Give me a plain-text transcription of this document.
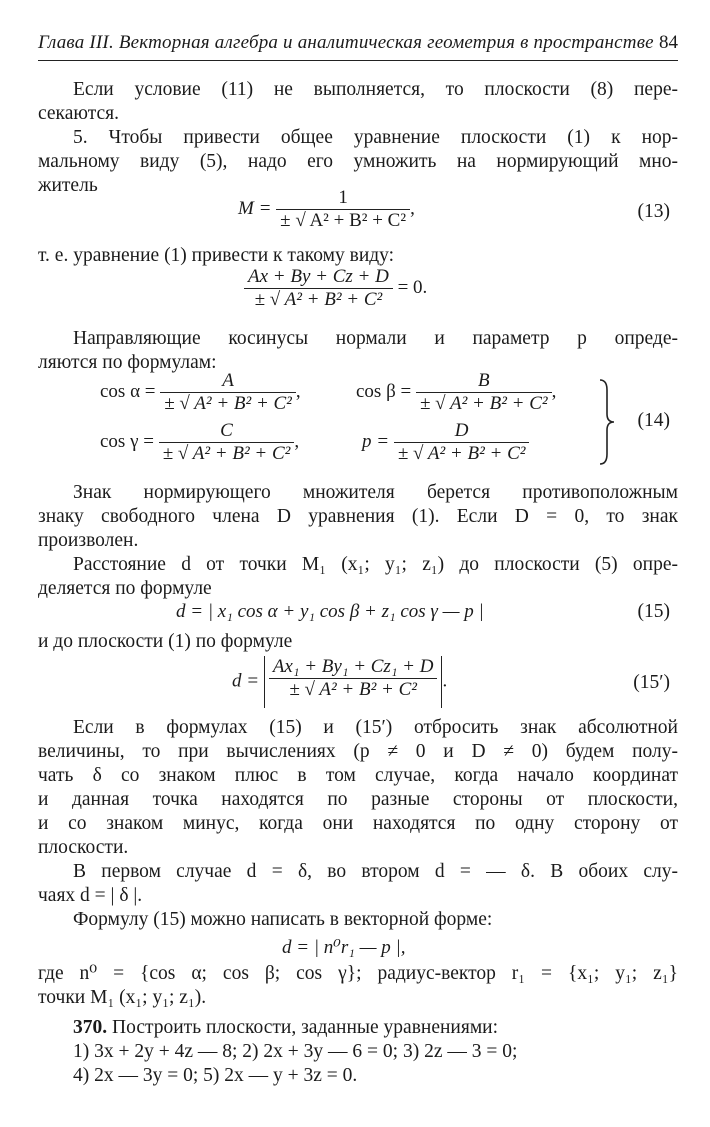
Глава III. Векторная алгебра и аналитическая геометрия в пространстве 84
Если условие (11) не выполняется, то плоскости (8) пере-
секаются.
5. Чтобы привести общее уравнение плоскости (1) к нор-
мальному виду (5), надо его умножить на нормирующий мно-
житель
$M = \frac{1}{\text{± √ A² + B² + C²}}$ ,	(13)
т. е. уравнение (1) привести к такому виду:
$\frac{Ax + By + Cz + D}{\text{± √ A² + B² + C²}} = 0$.
Направляющие косинусы нормали и параметр p опреде-
ляются по формулам:
$\cos \alpha = \frac{A}{\text{± √ A² + B² + C²}}$ ,	$\cos \beta = \frac{B}{\text{± √ A² + B² + C²}}$ ,
$\cos \gamma = \frac{C}{\text{± √ A² + B² + C²}}$ ,	$p = \frac{D}{\text{± √ A² + B² + C²}}$	(14)
Знак нормирующего множителя берется противоположным
знаку свободного члена D уравнения (1). Если D = 0, то знак
произволен.
Расстояние d от точки M₁ (x₁; y₁; z₁) до плоскости (5) опре-
деляется по формуле
d = | x₁ cos α + y₁ cos β + z₁ cos γ — p |	(15)
и до плоскости (1) по формуле
$d = \frac{\text{Ax₁ + By₁ + Cz₁ + D}}{\text{± √ A² + B² + C²}}$ .	(15′)
Если в формулах (15) и (15′) отбросить знак абсолютной
величины, то при вычислениях (p ≠ 0 и D ≠ 0) будем полу-
чать δ со знаком плюс в том случае, когда начало координат
и данная точка находятся по разные стороны от плоскости,
и со знаком минус, когда они находятся по одну сторону от
плоскости.
В первом случае d = δ, во втором d = — δ. В обоих слу-
чаях d = | δ |.
Формулу (15) можно написать в векторной форме:
d = | n⁰r₁ — p |,
где n⁰ = {cos α; cos β; cos γ}; радиус-вектор r₁ = {x₁; y₁; z₁}
точки M₁ (x₁; y₁; z₁).
370. Построить плоскости, заданные уравнениями:
1) 3x + 2y + 4z — 8; 2) 2x + 3y — 6 = 0; 3) 2z — 3 = 0;
4) 2x — 3y = 0; 5) 2x — y + 3z = 0.
